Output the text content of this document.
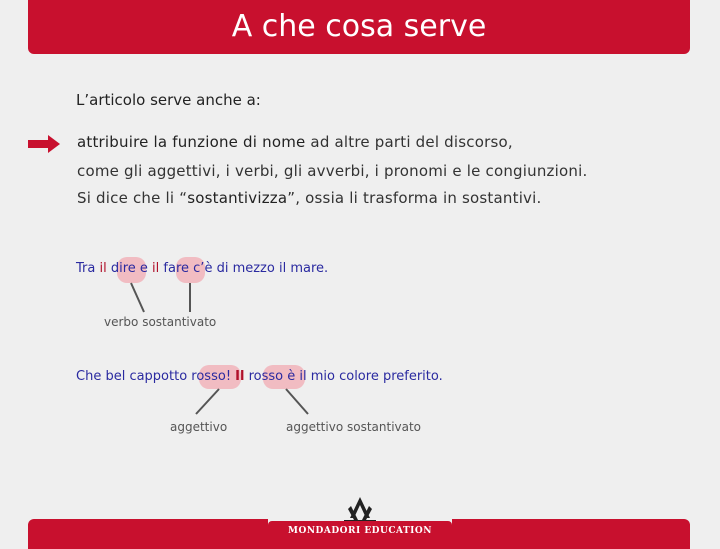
A che cosa serve
L’articolo serve anche a:
attribuire la funzione di nome ad altre parti del discorso,
come gli aggettivi, i verbi, gli avverbi, i pronomi e le congiunzioni.
Si dice che li “sostantivizza”, ossia li trasforma in sostantivi.
Tra il dire e il fare c’è di mezzo il mare.
verbo sostantivato
Che bel cappotto rosso! Il rosso è il mio colore preferito.
aggettivo	aggettivo sostantivato
MONDADORI EDUCATION
